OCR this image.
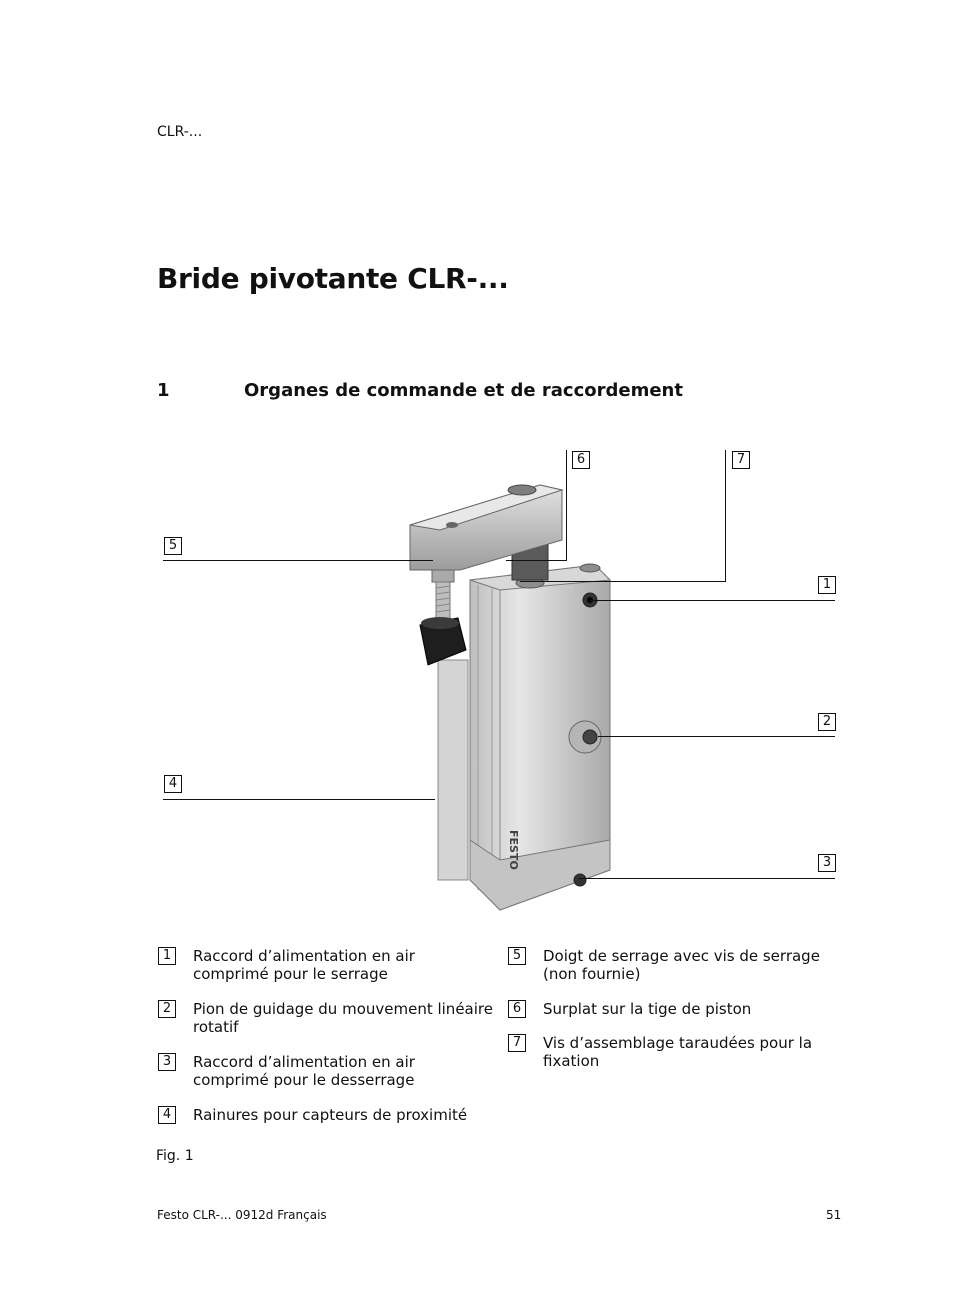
CLR-...
Bride pivotante CLR-...
1	Organes de commande et de raccordement
FESTO
5
4
6	7
1
2
3
1	Raccord d’alimentation en air comprimé pour le serrage
2	Pion de guidage du mouvement linéaire rotatif
3	Raccord d’alimentation en air comprimé pour le desserrage
4	Rainures pour capteurs de proximité
5	Doigt de serrage avec vis de serrage (non fournie)
6	Surplat sur la tige de piston
7	Vis d’assemblage taraudées pour la fixation
Fig. 1
Festo CLR-... 0912d Français	51
